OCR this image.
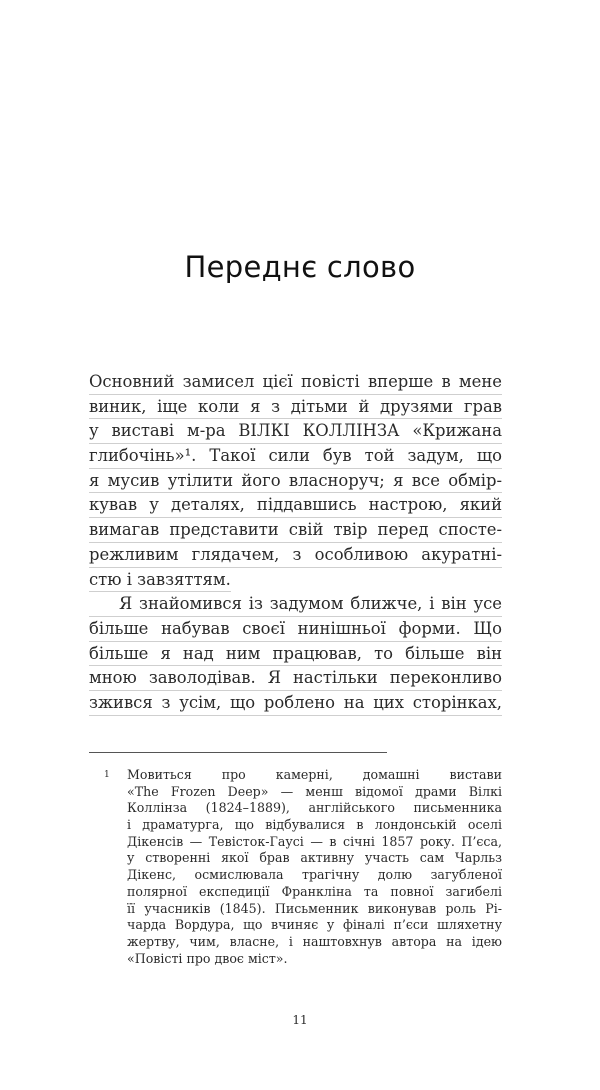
Переднє слово
Основний замисел цієї повісті вперше в мене
виник, іще коли я з дітьми й друзями грав
у виставі м-ра ВІЛКІ КОЛЛІНЗА «Крижана
глибочінь»¹. Такої сили був той задум, що
я мусив утілити його власноруч; я все обмір-
кував у деталях, піддавшись настрою, який
вимагав представити свій твір перед спосте-
режливим глядачем, з особливою акуратні-
стю і завзяттям.
Я знайомився із задумом ближче, і він усе
більше набував своєї нинішньої форми. Що
більше я над ним працював, то більше він
мною заволодівав. Я настільки переконливо
зжився з усім, що роблено на цих сторінках,
1 Мовиться про камерні, домашні вистави
«The Frozen Deep» — менш відомої драми Вілкі
Коллінза (1824–1889), англійського письменника
і драматурга, що відбувалися в лондонській оселі
Дікенсів — Тевісток-Гаусі — в січні 1857 року. П’єса,
у створенні якої брав активну участь сам Чарльз
Дікенс, осмислювала трагічну долю загубленої
полярної експедиції Франкліна та повної загибелі
її учасників (1845). Письменник виконував роль Рі-
чарда Вордура, що вчиняє у фіналі п’єси шляхетну
жертву, чим, власне, і наштовхнув автора на ідею
«Повісті про двоє міст».
11
